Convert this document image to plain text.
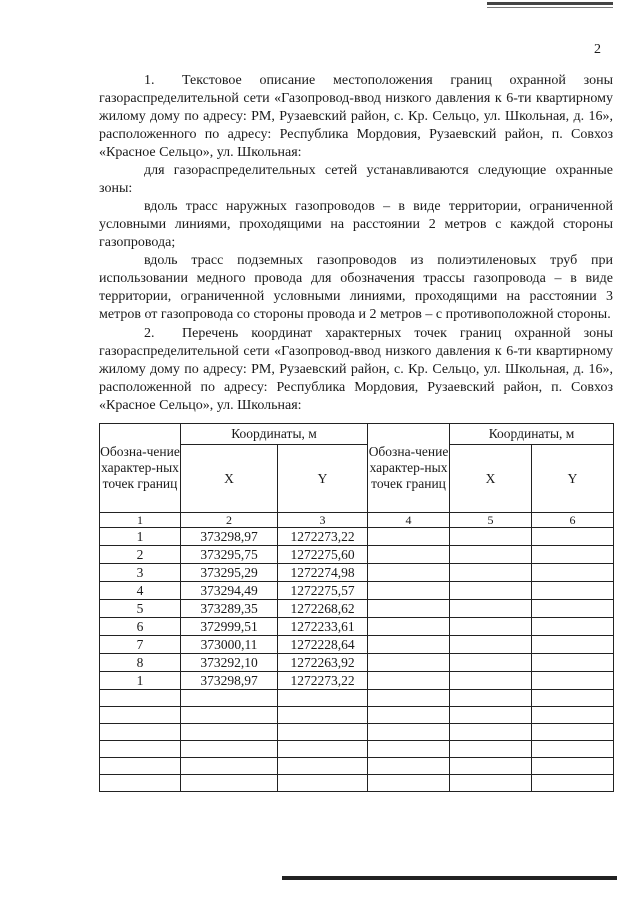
2

1. Текстовое описание местоположения границ охранной зоны газораспределительной сети «Газопровод-ввод низкого давления к 6-ти квартирному жилому дому по адресу: РМ, Рузаевский район, с. Кр. Сельцо, ул. Школьная, д. 16», расположенного по адресу: Республика Мордовия, Рузаевский район, п. Совхоз «Красное Сельцо», ул. Школьная:

для газораспределительных сетей устанавливаются следующие охранные зоны:

вдоль трасс наружных газопроводов – в виде территории, ограниченной условными линиями, проходящими на расстоянии 2 метров с каждой стороны газопровода;

вдоль трасс подземных газопроводов из полиэтиленовых труб при использовании медного провода для обозначения трассы газопровода – в виде территории, ограниченной условными линиями, проходящими на расстоянии 3 метров от газопровода со стороны провода и 2 метров – с противоположной стороны.

2. Перечень координат характерных точек границ охранной зоны газораспределительной сети «Газопровод-ввод низкого давления к 6-ти квартирному жилому дому по адресу: РМ, Рузаевский район, с. Кр. Сельцо, ул. Школьная, д. 16», расположенной по адресу: Республика Мордовия, Рузаевский район, п. Совхоз «Красное Сельцо», ул. Школьная:

Обозна-чение характер-ных точек границ	Координаты, м		Обозна-чение характер-ных точек границ	Координаты, м	
	X	Y		X	Y
1	2	3	4	5	6
1	373298,97	1272273,22			
2	373295,75	1272275,60			
3	373295,29	1272274,98			
4	373294,49	1272275,57			
5	373289,35	1272268,62			
6	372999,51	1272233,61			
7	373000,11	1272228,64			
8	373292,10	1272263,92			
1	373298,97	1272273,22			
